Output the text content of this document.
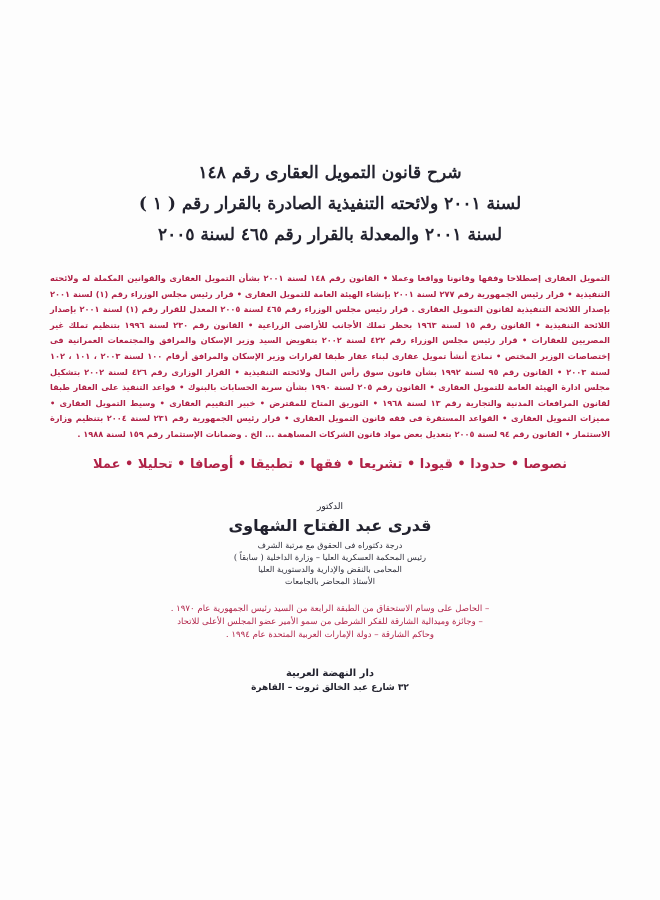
شرح قانون التمويل العقارى رقم ١٤٨
لسنة ٢٠٠١ ولائحته التنفيذية الصادرة بالقرار رقم ( ١ )
لسنة ٢٠٠١ والمعدلة بالقرار رقم ٤٦٥ لسنة ٢٠٠٥
التمويل العقارى إصطلاحا وفقها وقانونا وواقعا وعملا • القانون رقم ١٤٨ لسنة ٢٠٠١ بشأن التمويل العقارى والقوانين المكملة له ولائحته التنفيذية • قرار رئيس الجمهورية رقم ٢٧٧ لسنة ٢٠٠١ بإنشاء الهيئة العامة للتمويل العقارى • قرار رئيس مجلس الوزراء رقم (١) لسنة ٢٠٠١ بإصدار اللائحة التنفيذية لقانون التمويل العقارى . قرار رئيس مجلس الوزراء رقم ٤٦٥ لسنة ٢٠٠٥ المعدل للقرار رقم (١) لسنة ٢٠٠١ بإصدار اللائحة التنفيذية • القانون رقم ١٥ لسنة ١٩٦٣ بحظر تملك الأجانب للأراضى الزراعية • القانون رقم ٢٣٠ لسنة ١٩٩٦ بتنظيم تملك غير المصريين للعقارات • قرار رئيس مجلس الوزراء رقم ٤٢٢ لسنة ٢٠٠٢ بتفويض السيد وزير الإسكان والمرافق والمجتمعات العمرانية فى إختصاصات الوزير المختص • نماذج أنشأ تمويل عقارى لبناء عقار طبقا لقرارات وزير الإسكان والمرافق أرقام ١٠٠ لسنة ٢٠٠٣ ، ١٠١ ، ١٠٢ لسنة ٢٠٠٣ • القانون رقم ٩٥ لسنة ١٩٩٢ بشأن قانون سوق رأس المال ولائحته التنفيذية • القرار الوزارى رقم ٤٢٦ لسنة ٢٠٠٢ بتشكيل مجلس ادارة الهيئة العامة للتمويل العقارى • القانون رقم ٢٠٥ لسنة ١٩٩٠ بشأن سرية الحسابات بالبنوك • قواعد التنفيذ على العقار طبقا لقانون المرافعات المدنية والتجارية رقم ١٣ لسنة ١٩٦٨ • التوريق المتاح للمقترض • خبير التقييم العقارى • وسيط التمويل العقارى • مميزات التمويل العقارى • القواعد المستقرة فى فقه قانون التمويل العقارى • قرار رئيس الجمهورية رقم ٢٣١ لسنة ٢٠٠٤ بتنظيم وزارة الاستثمار • القانون رقم ٩٤ لسنة ٢٠٠٥ بتعديل بعض مواد قانون الشركات المساهمة ... الخ . وضمانات الإستثمار رقم ١٥٩ لسنة ١٩٨٨ .
نصوصا • حدودا • قيودا • تشريعا • فقها • تطبيقا • أوصافا • تحليلا • عملا
الدكتور
قدرى عبد الفتاح الشهاوى
درجة دكتوراه فى الحقوق مع مرتبة الشرف
رئيس المحكمة العسكرية العليا – وزارة الداخلية ( سابقاً )
المحامى بالنقض والإدارية والدستورية العليا
الأستاذ المحاضر بالجامعات
– الحاصل على وسام الاستحقاق من الطبقة الرابعة من السيد رئيس الجمهورية عام ١٩٧٠ .
– وجائزة وميدالية الشارقة للفكر الشرطى من سمو الأمير عضو المجلس الأعلى للاتحاد
وحاكم الشارقة – دولة الإمارات العربية المتحدة عام ١٩٩٤ .
دار النهضة العربية
٣٢ شارع عبد الخالق ثروت – القاهرة
